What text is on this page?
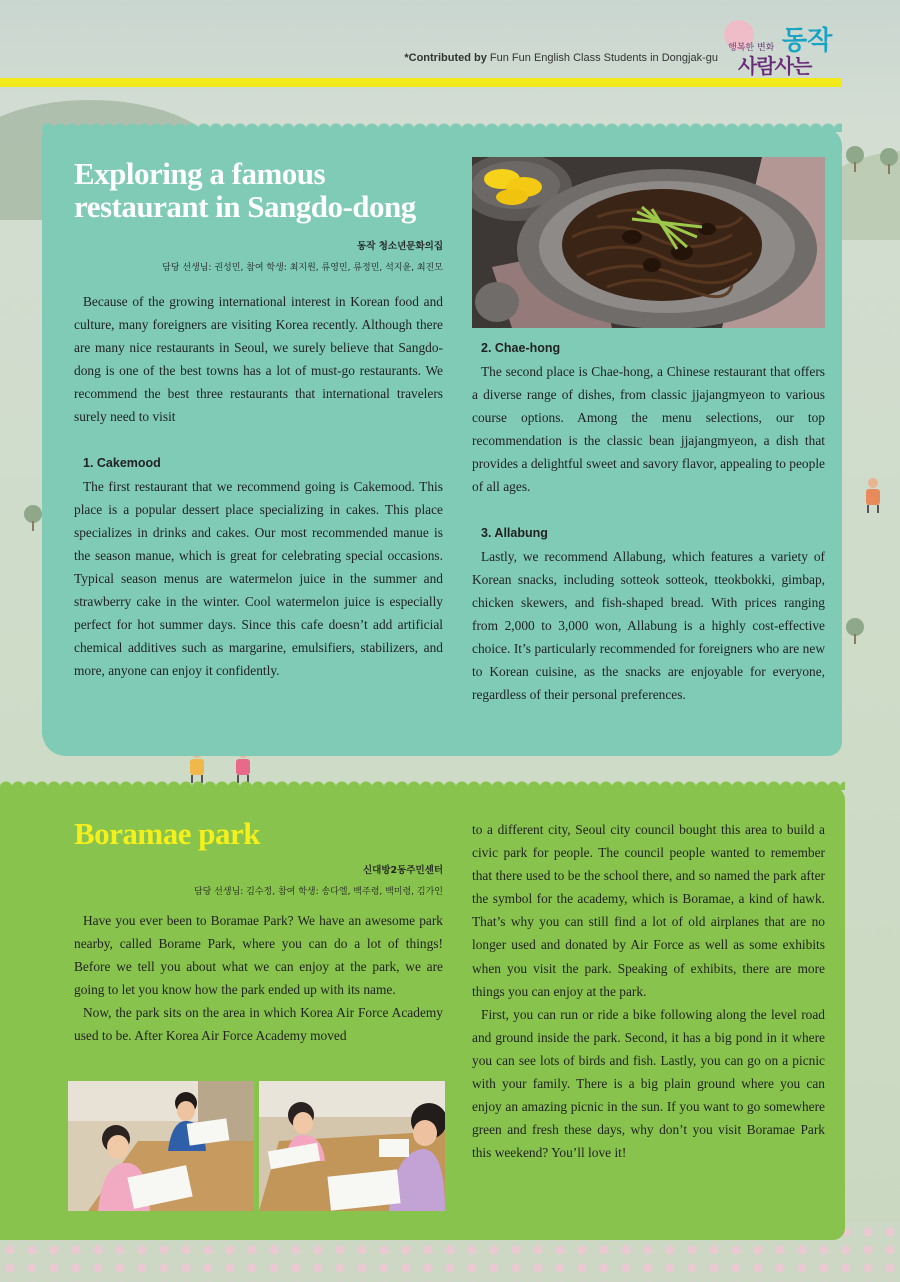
*Contributed by Fun Fun English Class Students in Dongjak-gu
행복한 변화
사람사는
동작
Exploring a famous restaurant in Sangdo-dong
동작 청소년문화의집
담당 선생님: 권성민, 참여 학생: 최지원, 류영민, 류정민, 석지윤, 최진모

Because of the growing international interest in Korean food and culture, many foreigners are visiting Korea recently. Although there are many nice restaurants in Seoul, we surely believe that Sangdo-dong is one of the best towns has a lot of must-go restaurants. We recommend the best three restaurants that international travelers surely need to visit

1. Cakemood

The first restaurant that we recommend going is Cakemood. This place is a popular dessert place specializing in cakes. This place specializes in drinks and cakes. Our most recommended manue is the season manue, which is great for celebrating special occasions. Typical season menus are watermelon juice in the summer and strawberry cake in the winter. Cool watermelon juice is especially perfect for hot summer days. Since this cafe doesn’t add artificial chemical additives such as margarine, emulsifiers, stabilizers, and more, anyone can enjoy it confidently.

2. Chae-hong

The second place is Chae-hong, a Chinese restaurant that offers a diverse range of dishes, from classic jjajangmyeon to various course options. Among the menu selections, our top recommendation is the classic bean jjajangmyeon, a dish that provides a delightful sweet and savory flavor, appealing to people of all ages.

3. Allabung

Lastly, we recommend Allabung, which features a variety of Korean snacks, including sotteok sotteok, tteokbokki, gimbap, chicken skewers, and fish-shaped bread. With prices ranging from 2,000 to 3,000 won, Allabung is a highly cost-effective choice. It’s particularly recommended for foreigners who are new to Korean cuisine, as the snacks are enjoyable for everyone, regardless of their personal preferences.

Boramae park
신대방2동주민센터
담당 선생님: 김수정, 참여 학생: 송다엘, 백주령, 백미령, 김가인

Have you ever been to Boramae Park? We have an awesome park nearby, called Borame Park, where you can do a lot of things! Before we tell you about what we can enjoy at the park, we are going to let you know how the park ended up with its name.

Now, the park sits on the area in which Korea Air Force Academy used to be. After Korea Air Force Academy moved

to a different city, Seoul city council bought this area to build a civic park for people. The council people wanted to remember that there used to be the school there, and so named the park after the symbol for the academy, which is Boramae, a kind of hawk. That’s why you can still find a lot of old airplanes that are no longer used and donated by Air Force as well as some exhibits when you visit the park. Speaking of exhibits, there are more things you can enjoy at the park.

First, you can run or ride a bike following along the level road and ground inside the park. Second, it has a big pond in it where you can see lots of birds and fish. Lastly, you can go on a picnic with your family. There is a big plain ground where you can enjoy an amazing picnic in the sun. If you want to go somewhere green and fresh these days, why don’t you visit Boramae Park this weekend? You’ll love it!
